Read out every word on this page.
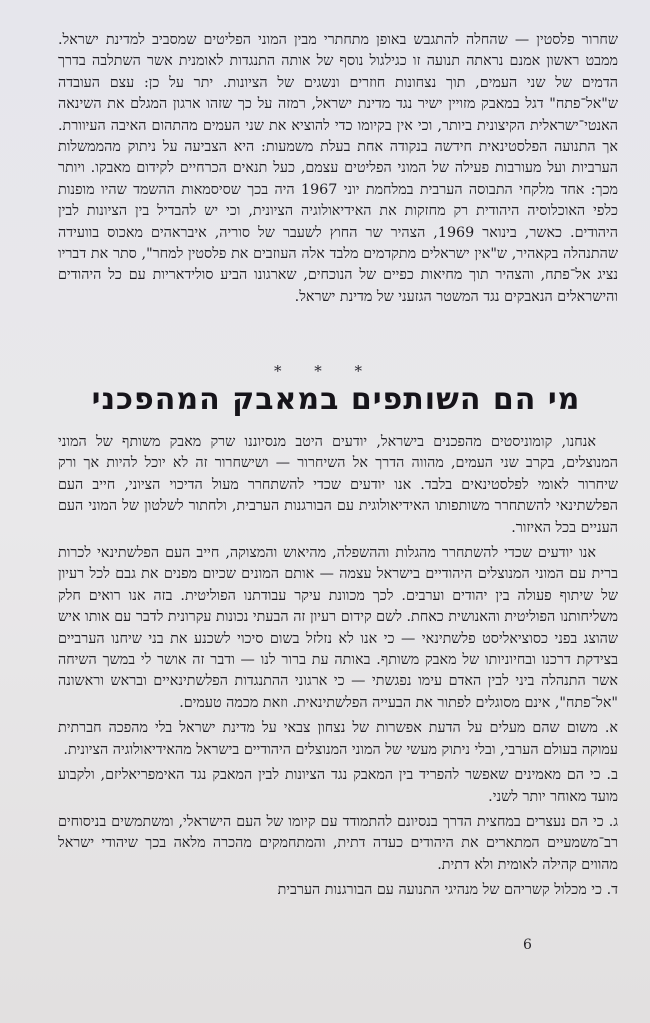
שחרור פלסטין — שהחלה להתגבש באופן מתחתרי מבין המוני הפליטים שמסביב למדינת ישראל. ממבט ראשון אמנם נראתה תנועה זו כגילגול נוסף של אותה התנגדות לאומנית אשר השתלבה בדרך הדמים של שני העמים, תוך נצחונות חוזרים ונשגים של הציונות. יתר על כן: עצם העובדה ש"אל־פתח" דגל במאבק מזויין ישיר נגד מדינת ישראל, רמזה על כך שזהו ארגון המגלם את השינאה האנטי־ישראלית הקיצונית ביותר, וכי אין בקיומו כדי להוציא את שני העמים מהתהום האיבה העיוורת. אך התנועה הפלסטינאית חידשה בנקודה אחת בעלת משמעות: היא הצביעה על ניתוק מהממשלות הערביות ועל מעורבות פעילה של המוני הפליטים עצמם, כעל תנאים הכרחיים לקידום מאבקו. ויותר מכך: אחד מלקחי התבוסה הערבית במלחמת יוני 1967 היה בכך שסיסמאות ההשמד שהיו מופנות כלפי האוכלוסיה היהודית רק מחזקות את האידיאולוגיה הציונית, וכי יש להבדיל בין הציונות לבין היהודים. כאשר, בינואר 1969, הצהיר שר החוץ לשעבר של סוריה, איבראהים מאכוס בוועידה שהתנהלה בקאהיר, ש"אין ישראלים מתקדמים מלבד אלה העוזבים את פלסטין למחר", סתר את דבריו נציג אל־פתח, והצהיר תוך מחיאות כפיים של הנוכחים, שארגונו הביע סולידאריות עם כל היהודים והישראלים הנאבקים נגד המשטר הגזעני של מדינת ישראל.

* * *
מי הם השותפים במאבק המהפכני

אנחנו, קומוניסטים מהפכנים בישראל, יודעים היטב מנסיוננו שרק מאבק משותף של המוני המנוצלים, בקרב שני העמים, מהווה הדרך אל השיחרור — ושישחרור זה לא יוכל להיות אך ורק שיחרור לאומי לפלסטינאים בלבד. אנו יודעים שכדי להשתחרר מעול הדיכוי הציוני, חייב העם הפלשתינאי להשתחרר משותפותו האידיאולוגית עם הבורגנות הערבית, ולחתור לשלטון של המוני העם העניים בכל האיזור.

אנו יודעים שכדי להשתחרר מהגלות וההשפלה, מהיאוש והמצוקה, חייב העם הפלשתינאי לכרות ברית עם המוני המנוצלים היהודיים בישראל עצמה — אותם המונים שכיום מפנים את גבם לכל רעיון של שיתוף פעולה בין יהודים וערבים. לכך מכוונת עיקר עבודתנו הפוליטית. בזה אנו רואים חלק משליחותנו הפוליטית והאנושית כאחת. לשם קידום רעיון זה הבעתי נכונות עקרונית לדבר עם אותו איש שהוצג בפני כסוציאליסט פלשתינאי — כי אנו לא נזלזל בשום סיכוי לשכנע את בני שיחנו הערביים בצידקת דרכנו ובחיוניותו של מאבק משותף. באותה עת ברור לנו — ודבר זה אושר לי במשך השיחה אשר התנהלה ביני לבין האדם עימו נפגשתי — כי ארגוני ההתנגדות הפלשתינאיים ובראש וראשונה "אל־פתח", אינם מסוגלים לפתור את הבעייה הפלשתינאית. וזאת מכמה טעמים.

א. משום שהם מעלים על הדעת אפשרות של נצחון צבאי על מדינת ישראל בלי מהפכה חברתית עמוקה בעולם הערבי, ובלי ניתוק מעשי של המוני המנוצלים היהודיים בישראל מהאידיאולוגיה הציונית.

ב. כי הם מאמינים שאפשר להפריד בין המאבק נגד הציונות לבין המאבק נגד האימפריאליזם, ולקבוע מועד מאוחר יותר לשני.

ג. כי הם נעצרים במחצית הדרך בנסיונם להתמודד עם קיומו של העם הישראלי, ומשתמשים בניסוחים רב־משמעיים המתארים את היהודים כעדה דתית, והמתחמקים מהכרה מלאה בכך שיהודי ישראל מהווים קהילה לאומית ולא דתית.

ד. כי מכלול קשריהם של מנהיגי התנועה עם הבורגנות הערבית

6
